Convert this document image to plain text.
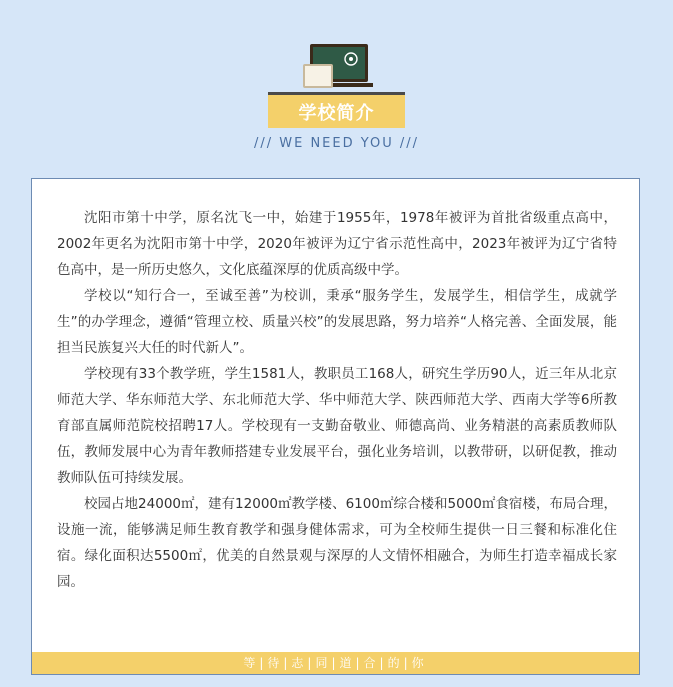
学校简介
/// WE NEED YOU ///

沈阳市第十中学，原名沈飞一中，始建于1955年，1978年被评为首批省级重点高中，2002年更名为沈阳市第十中学，2020年被评为辽宁省示范性高中，2023年被评为辽宁省特色高中，是一所历史悠久，文化底蕴深厚的优质高级中学。

学校以“知行合一，至诚至善”为校训，秉承“服务学生，发展学生，相信学生，成就学生”的办学理念，遵循“管理立校、质量兴校”的发展思路，努力培养“人格完善、全面发展，能担当民族复兴大任的时代新人”。

学校现有33个教学班，学生1581人，教职员工168人，研究生学历90人，近三年从北京师范大学、华东师范大学、东北师范大学、华中师范大学、陕西师范大学、西南大学等6所教育部直属师范院校招聘17人。学校现有一支勤奋敬业、师德高尚、业务精湛的高素质教师队伍，教师发展中心为青年教师搭建专业发展平台，强化业务培训，以教带研，以研促教，推动教师队伍可持续发展。

校园占地24000㎡，建有12000㎡教学楼、6100㎡综合楼和5000㎡食宿楼，布局合理，设施一流，能够满足师生教育教学和强身健体需求，可为全校师生提供一日三餐和标准化住宿。绿化面积达5500㎡，优美的自然景观与深厚的人文情怀相融合，为师生打造幸福成长家园。

等|待|志|同|道|合|的|你
